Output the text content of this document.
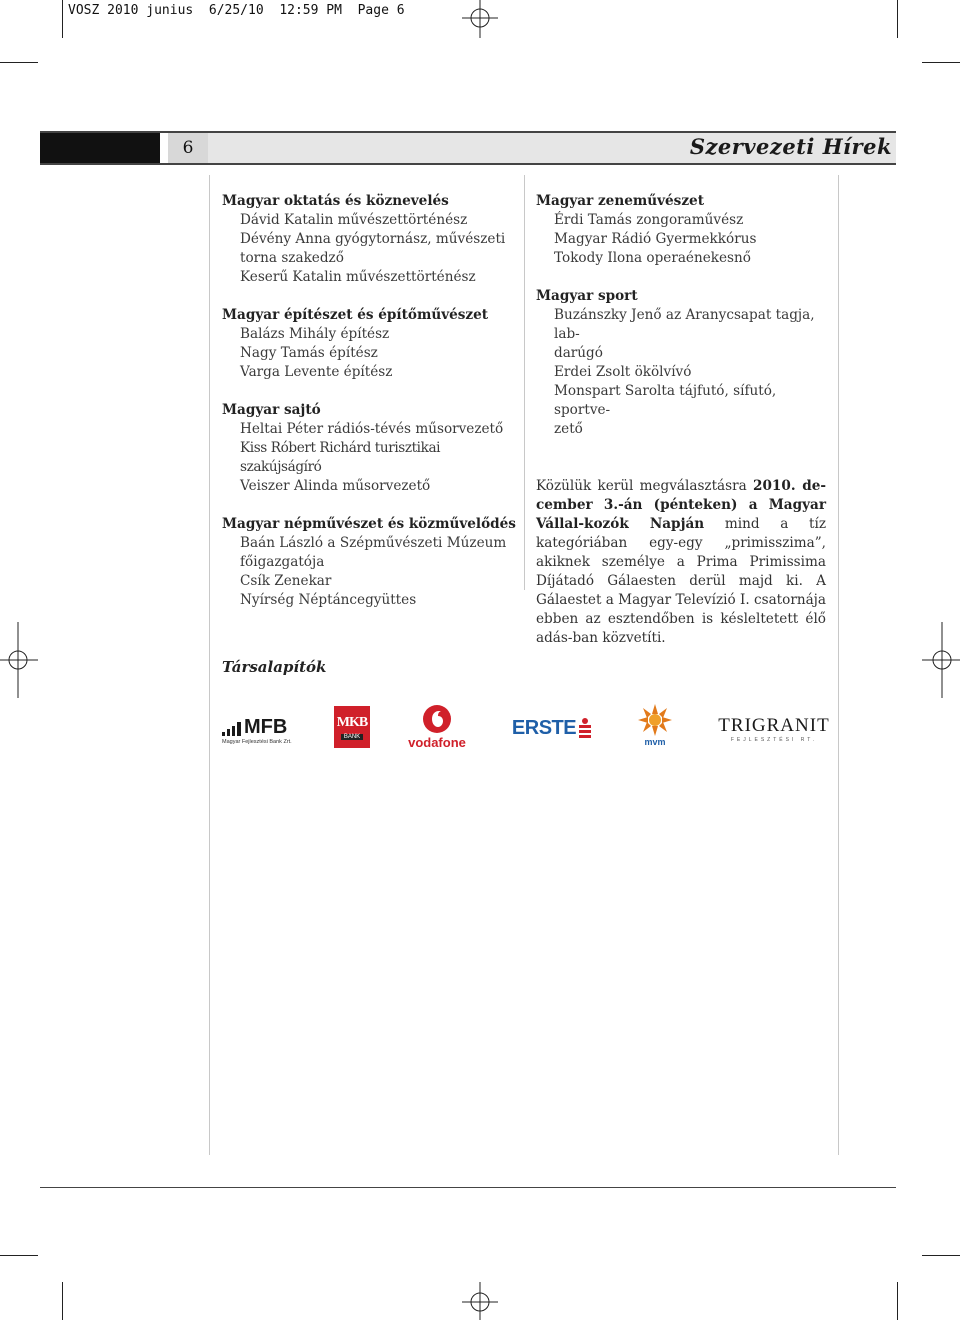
VOSZ 2010 junius  6/25/10  12:59 PM  Page 6
6	Szervezeti Hírek
Magyar oktatás és köznevelés
Dávid Katalin művészettörténész
Dévény Anna gyógytornász, művészeti
torna szakedző
Keserű Katalin művészettörténész
Magyar építészet és építőművészet
Balázs Mihály építész
Nagy Tamás építész
Varga Levente építész
Magyar sajtó
Heltai Péter rádiós-tévés műsorvezető
Kiss Róbert Richárd turisztikai szakújságíró
Veiszer Alinda műsorvezető
Magyar népművészet és közművelődés
Baán László a Szépművészeti Múzeum
főigazgatója
Csík Zenekar
Nyírség Néptáncegyüttes
Magyar zeneművészet
Érdi Tamás zongoraművész
Magyar Rádió Gyermekkórus
Tokody Ilona operaénekesnő
Magyar sport
Buzánszky Jenő az Aranycsapat tagja, lab-
darúgó
Erdei Zsolt ökölvívó
Monspart Sarolta tájfutó, sífutó, sportve-
zető
Közülük kerül megválasztásra 2010. de-cember 3.-án (pénteken) a Magyar Vállal-kozók Napján mind a tíz kategóriában egy-egy „primisszima”, akiknek személye a Prima Primissima Díjátadó Gálaesten derül majd ki. A Gálaestet a Magyar Televízió I. csatornája ebben az esztendőben is késleltetett élő adás-ban közvetíti.
Társalapítók
MFB
Magyar Fejlesztési Bank Zrt.
MKB
BANK	vodafone
ERSTE
mvm
TRIGRANIT
FEJLESZTÉSI RT.
